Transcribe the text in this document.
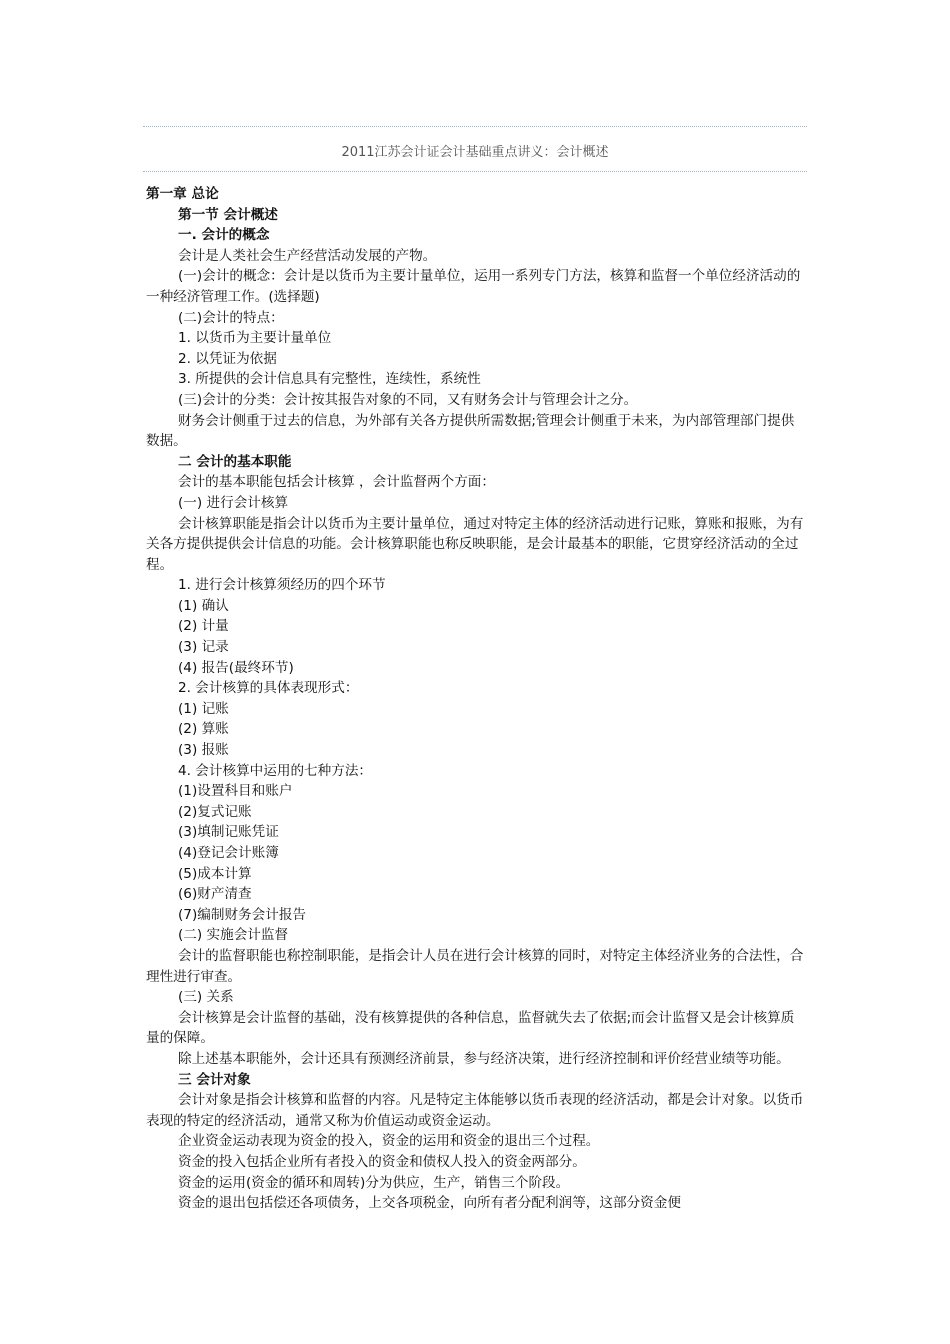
2011江苏会计证会计基础重点讲义：会计概述

第一章 总论

第一节 会计概述

一. 会计的概念

会计是人类社会生产经营活动发展的产物。

(一)会计的概念：会计是以货币为主要计量单位，运用一系列专门方法，核算和监督一个单位经济活动的一种经济管理工作。(选择题)

(二)会计的特点：

1. 以货币为主要计量单位

2. 以凭证为依据

3. 所提供的会计信息具有完整性，连续性，系统性

(三)会计的分类：会计按其报告对象的不同，又有财务会计与管理会计之分。

财务会计侧重于过去的信息，为外部有关各方提供所需数据;管理会计侧重于未来，为内部管理部门提供数据。

二 会计的基本职能

会计的基本职能包括会计核算 ，会计监督两个方面：

(一) 进行会计核算

会计核算职能是指会计以货币为主要计量单位，通过对特定主体的经济活动进行记账，算账和报账，为有关各方提供提供会计信息的功能。会计核算职能也称反映职能，是会计最基本的职能，它贯穿经济活动的全过程。

1. 进行会计核算须经历的四个环节

(1) 确认

(2) 计量

(3) 记录

(4) 报告(最终环节)

2. 会计核算的具体表现形式：

(1) 记账

(2) 算账

(3) 报账

4. 会计核算中运用的七种方法：

(1)设置科目和账户

(2)复式记账

(3)填制记账凭证

(4)登记会计账簿

(5)成本计算

(6)财产清查

(7)编制财务会计报告

(二) 实施会计监督

会计的监督职能也称控制职能，是指会计人员在进行会计核算的同时，对特定主体经济业务的合法性，合理性进行审查。

(三) 关系

会计核算是会计监督的基础，没有核算提供的各种信息，监督就失去了依据;而会计监督又是会计核算质量的保障。

除上述基本职能外，会计还具有预测经济前景，参与经济决策，进行经济控制和评价经营业绩等功能。

三 会计对象

会计对象是指会计核算和监督的内容。凡是特定主体能够以货币表现的经济活动，都是会计对象。以货币表现的特定的经济活动，通常又称为价值运动或资金运动。

企业资金运动表现为资金的投入，资金的运用和资金的退出三个过程。

资金的投入包括企业所有者投入的资金和债权人投入的资金两部分。

资金的运用(资金的循环和周转)分为供应，生产，销售三个阶段。

资金的退出包括偿还各项债务，上交各项税金，向所有者分配利润等，这部分资金便
